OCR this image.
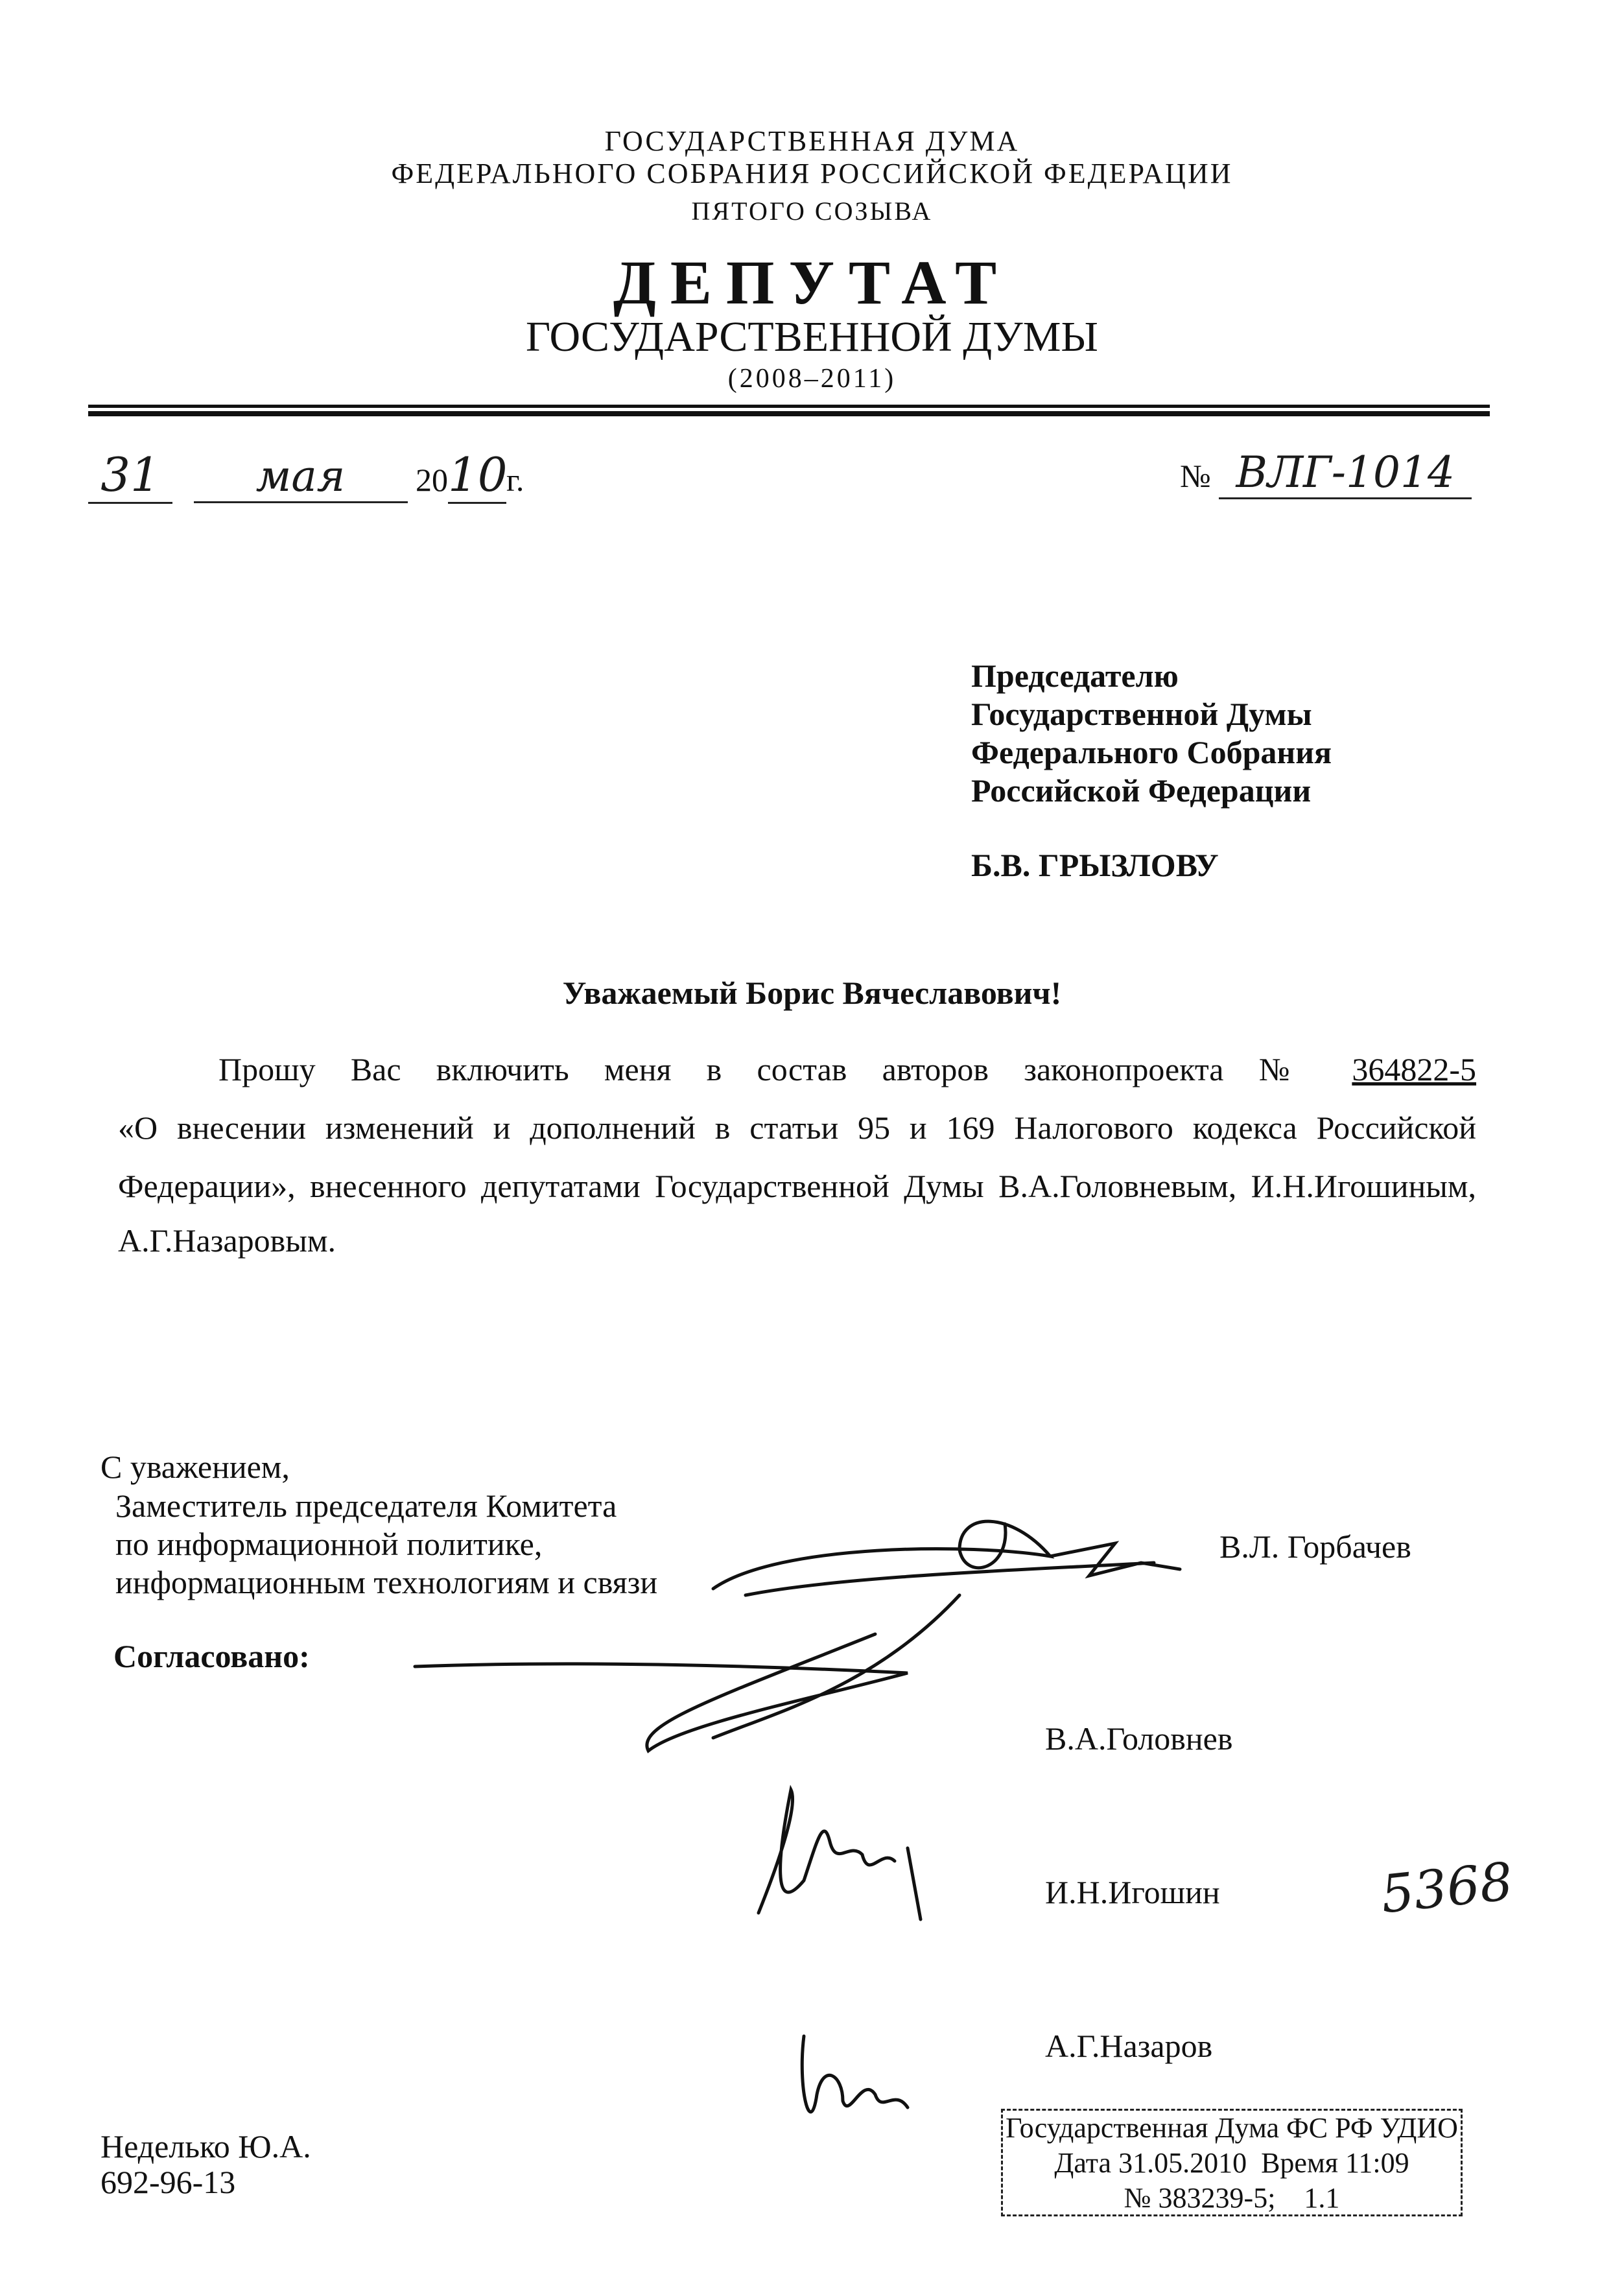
ГОСУДАРСТВЕННАЯ ДУМА
ФЕДЕРАЛЬНОГО СОБРАНИЯ РОССИЙСКОЙ ФЕДЕРАЦИИ
ПЯТОГО СОЗЫВА
ДЕПУТАТ
ГОСУДАРСТВЕННОЙ ДУМЫ
(2008–2011)
31 мая 2010г.	№ ВЛГ-1014
Председателю
Государственной Думы
Федерального Собрания
Российской Федерации
Б.В. ГРЫЗЛОВУ
Уважаемый Борис Вячеславович!
Прошу Вас включить меня в состав авторов законопроекта № 364822-5
«О внесении изменений и дополнений в статьи 95 и 169 Налогового кодекса Российской
Федерации», внесенного депутатами Государственной Думы В.А.Головневым, И.Н.Игошиным,
А.Г.Назаровым.
С уважением,
Заместитель председателя Комитета
по информационной политике,
информационным технологиям и связи
В.Л. Горбачев
Согласовано:
В.А.Головнев
И.Н.Игошин
А.Г.Назаров
5368
Неделько Ю.А.
692-96-13
Государственная Дума ФС РФ УДИО
Дата 31.05.2010 Время 11:09
№ 383239-5; 1.1
